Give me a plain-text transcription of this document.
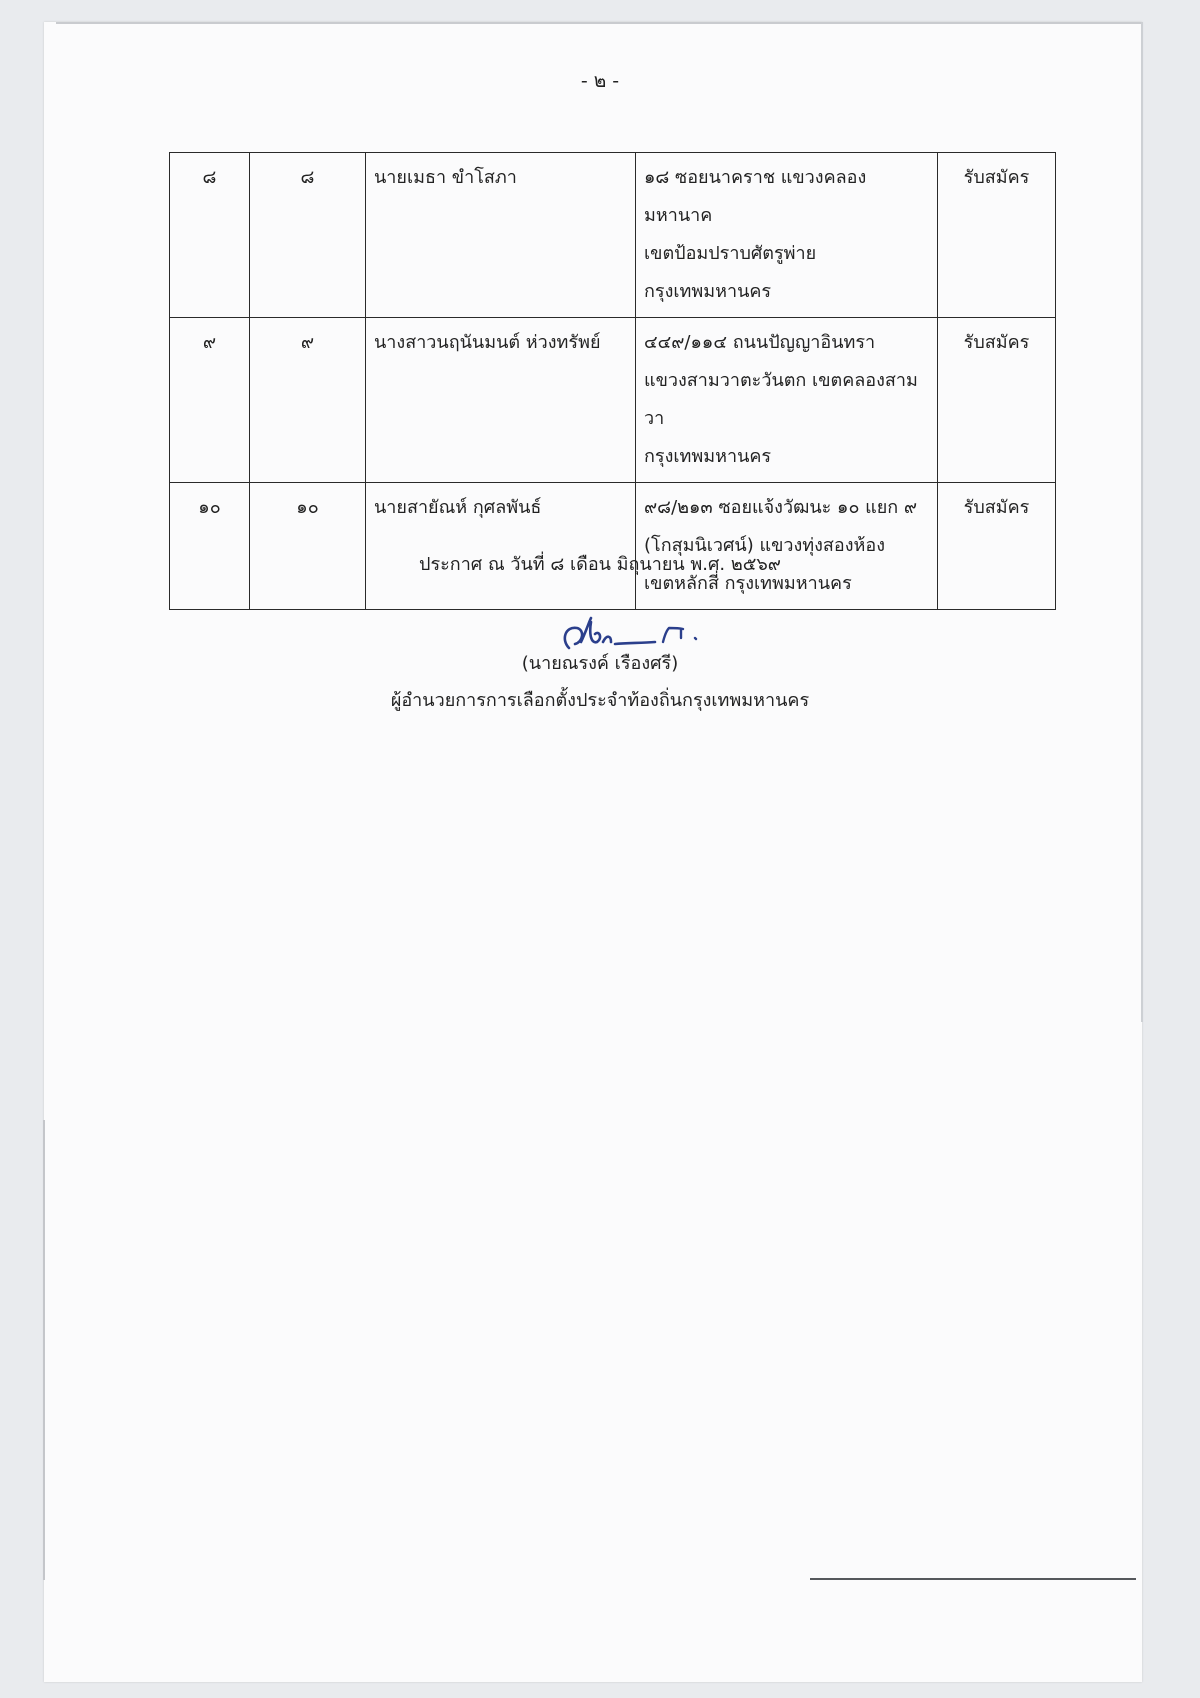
- ๒ -
๘	๘	นายเมธา ขำโสภา	๑๘ ซอยนาคราช แขวงคลองมหานาค
เขตป้อมปราบศัตรูพ่าย
กรุงเทพมหานคร	รับสมัคร
๙	๙	นางสาวนฤนันมนต์ ห่วงทรัพย์	๔๔๙/๑๑๔ ถนนปัญญาอินทรา
แขวงสามวาตะวันตก เขตคลองสามวา
กรุงเทพมหานคร	รับสมัคร
๑๐	๑๐	นายสายัณห์ กุศลพันธ์	๙๘/๒๑๓ ซอยแจ้งวัฒนะ ๑๐ แยก ๙
(โกสุมนิเวศน์) แขวงทุ่งสองห้อง
เขตหลักสี่ กรุงเทพมหานคร	รับสมัคร
ประกาศ ณ วันที่ ๘ เดือน มิถุนายน พ.ศ. ๒๕๖๙
(นายณรงค์ เรืองศรี)
ผู้อำนวยการการเลือกตั้งประจำท้องถิ่นกรุงเทพมหานคร
